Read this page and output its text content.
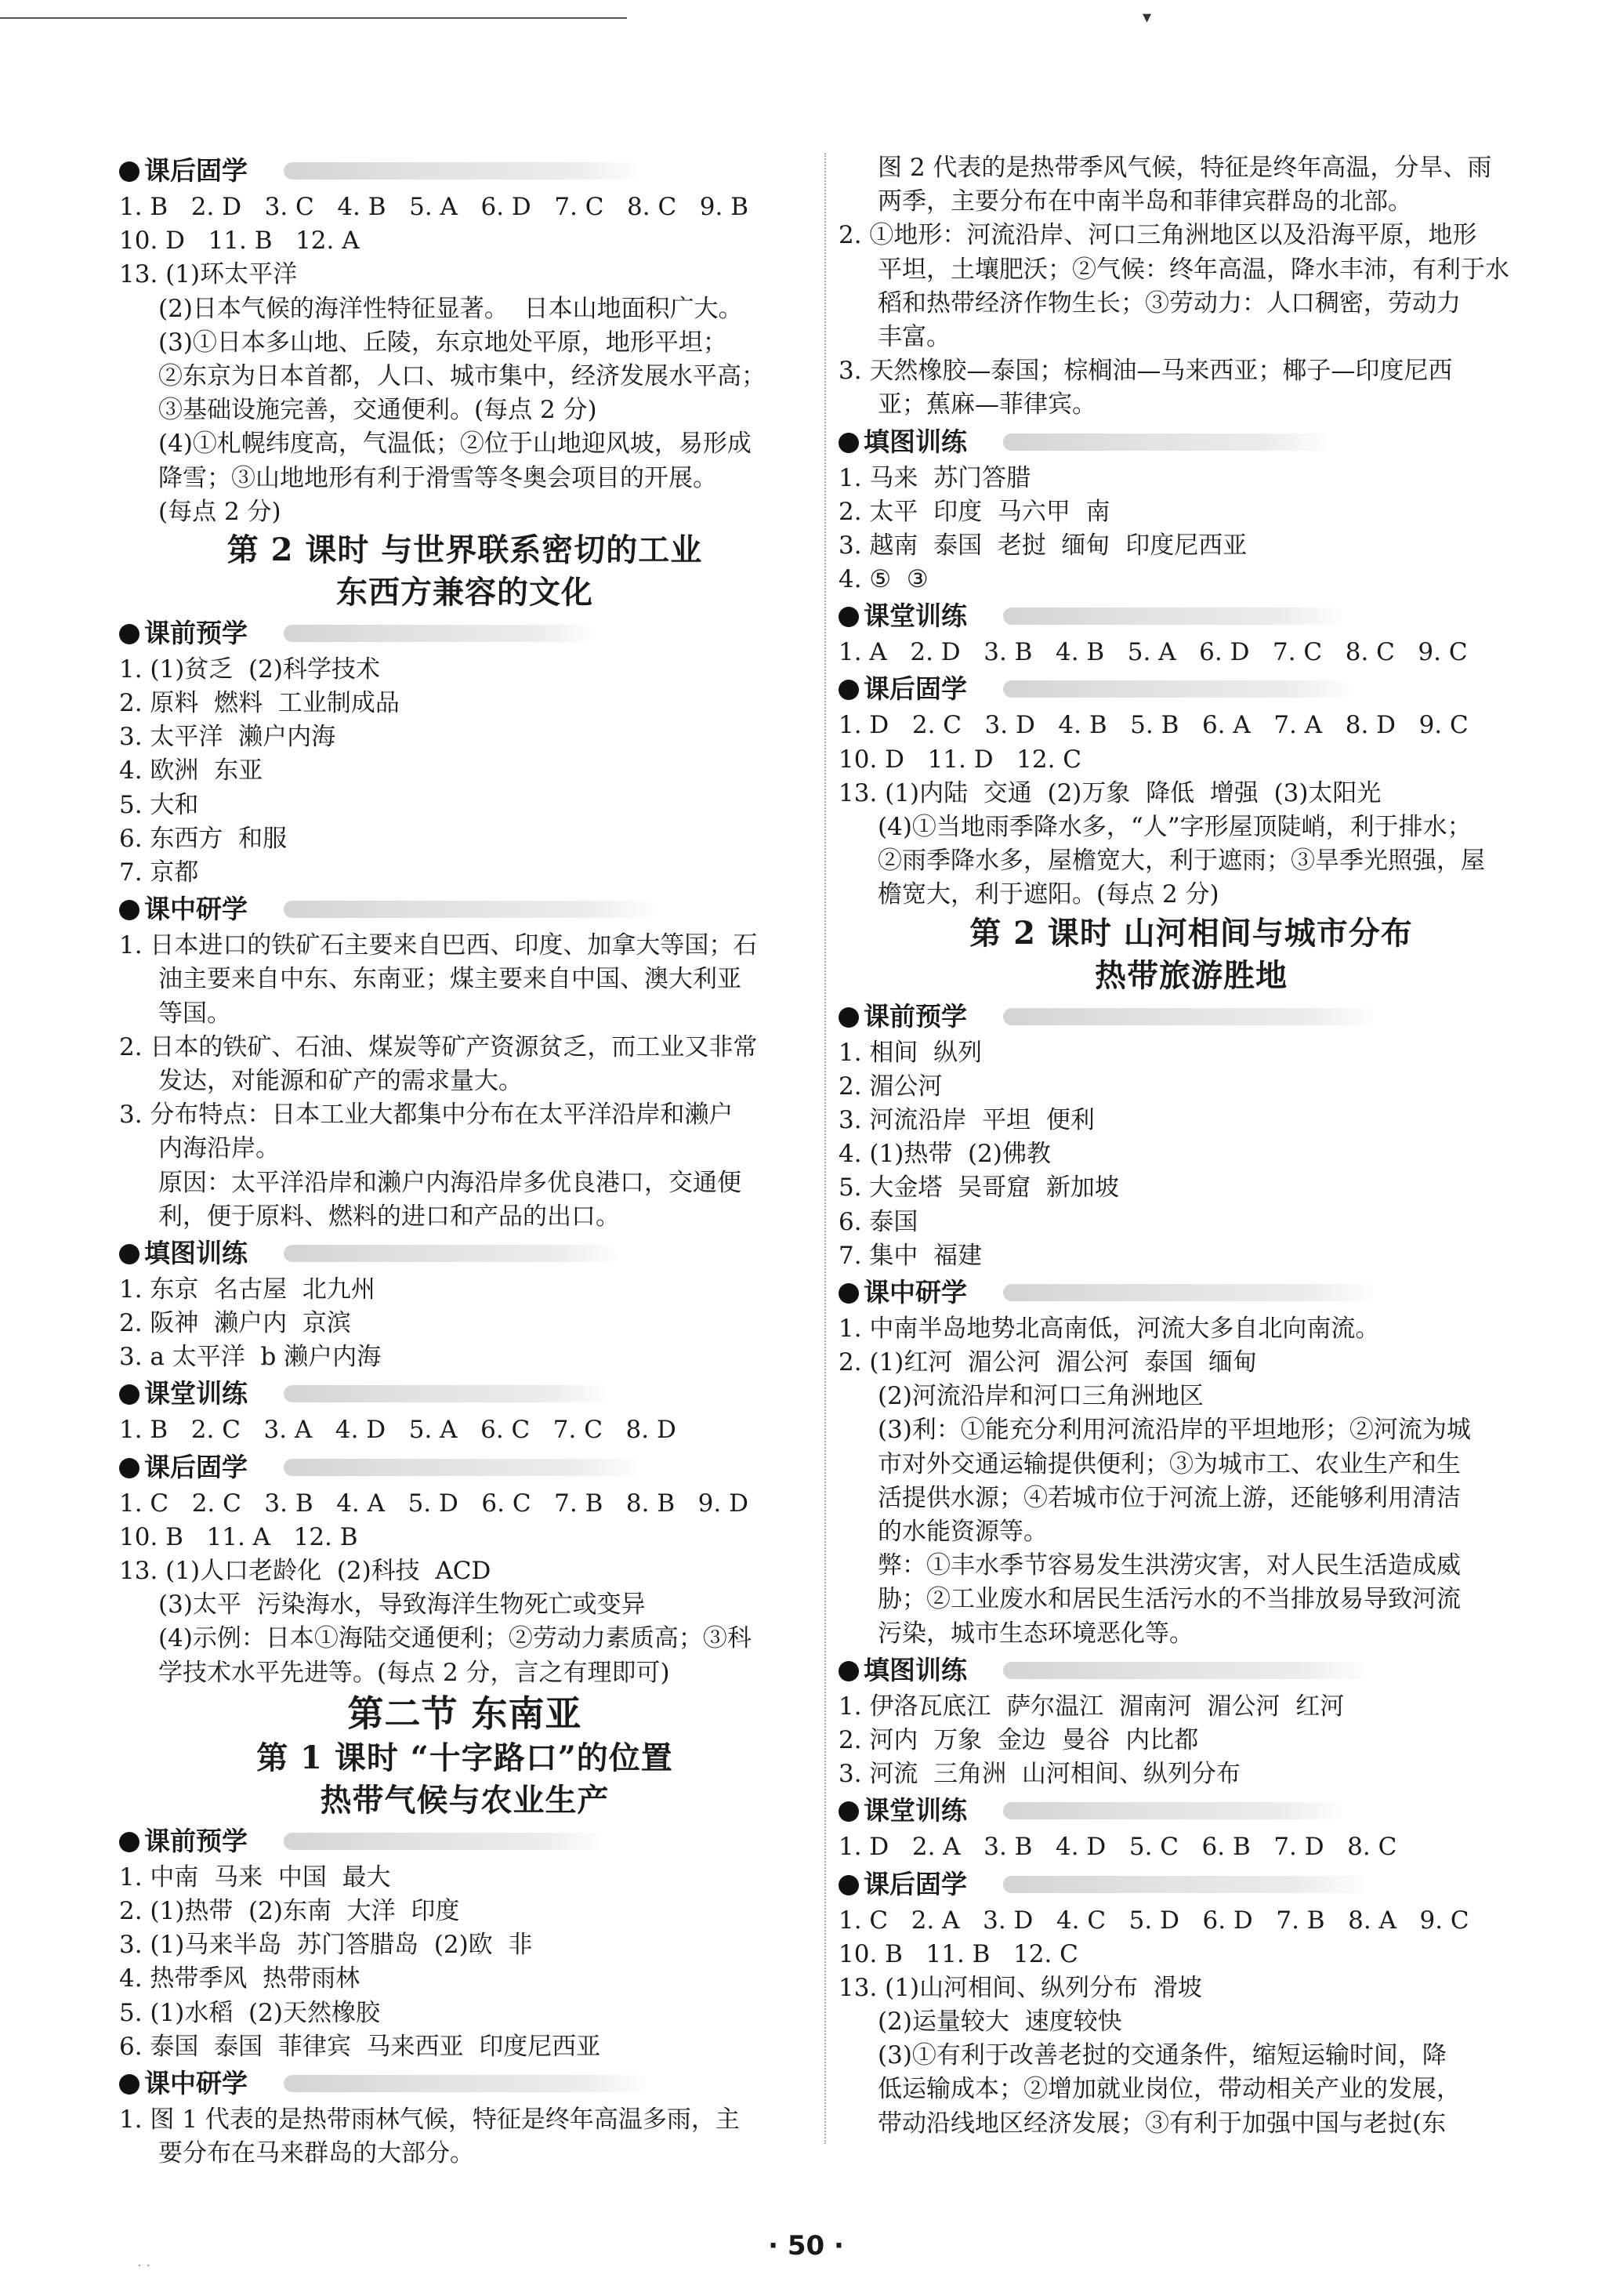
▾
课后固学
1. B   2. D   3. C   4. B   5. A   6. D   7. C   8. C   9. B
10. D   11. B   12. A
13. (1)环太平洋
(2)日本气候的海洋性特征显著。  日本山地面积广大。
(3)①日本多山地、丘陵，东京地处平原，地形平坦；
②东京为日本首都，人口、城市集中，经济发展水平高；
③基础设施完善，交通便利。(每点 2 分)
(4)①札幌纬度高，气温低；②位于山地迎风坡，易形成
降雪；③山地地形有利于滑雪等冬奥会项目的开展。
(每点 2 分)
第 2 课时 与世界联系密切的工业
东西方兼容的文化
课前预学
1. (1)贫乏  (2)科学技术
2. 原料  燃料  工业制成品
3. 太平洋  濑户内海
4. 欧洲  东亚
5. 大和
6. 东西方  和服
7. 京都
课中研学
1. 日本进口的铁矿石主要来自巴西、印度、加拿大等国；石
油主要来自中东、东南亚；煤主要来自中国、澳大利亚
等国。
2. 日本的铁矿、石油、煤炭等矿产资源贫乏，而工业又非常
发达，对能源和矿产的需求量大。
3. 分布特点：日本工业大都集中分布在太平洋沿岸和濑户
内海沿岸。
原因：太平洋沿岸和濑户内海沿岸多优良港口，交通便
利，便于原料、燃料的进口和产品的出口。
填图训练
1. 东京  名古屋  北九州
2. 阪神  濑户内  京滨
3. a 太平洋  b 濑户内海
课堂训练
1. B   2. C   3. A   4. D   5. A   6. C   7. C   8. D
课后固学
1. C   2. C   3. B   4. A   5. D   6. C   7. B   8. B   9. D
10. B   11. A   12. B
13. (1)人口老龄化  (2)科技  ACD
(3)太平  污染海水，导致海洋生物死亡或变异
(4)示例：日本①海陆交通便利；②劳动力素质高；③科
学技术水平先进等。(每点 2 分，言之有理即可)
第二节 东南亚
第 1 课时 “十字路口”的位置
热带气候与农业生产
课前预学
1. 中南  马来  中国  最大
2. (1)热带  (2)东南  大洋  印度
3. (1)马来半岛  苏门答腊岛  (2)欧  非
4. 热带季风  热带雨林
5. (1)水稻  (2)天然橡胶
6. 泰国  泰国  菲律宾  马来西亚  印度尼西亚
课中研学
1. 图 1 代表的是热带雨林气候，特征是终年高温多雨，主
要分布在马来群岛的大部分。
图 2 代表的是热带季风气候，特征是终年高温，分旱、雨
两季，主要分布在中南半岛和菲律宾群岛的北部。
2. ①地形：河流沿岸、河口三角洲地区以及沿海平原，地形
平坦，土壤肥沃；②气候：终年高温，降水丰沛，有利于水
稻和热带经济作物生长；③劳动力：人口稠密，劳动力
丰富。
3. 天然橡胶—泰国；棕榈油—马来西亚；椰子—印度尼西
亚；蕉麻—菲律宾。
填图训练
1. 马来  苏门答腊
2. 太平  印度  马六甲  南
3. 越南  泰国  老挝  缅甸  印度尼西亚
4. ⑤  ③
课堂训练
1. A   2. D   3. B   4. B   5. A   6. D   7. C   8. C   9. C
课后固学
1. D   2. C   3. D   4. B   5. B   6. A   7. A   8. D   9. C
10. D   11. D   12. C
13. (1)内陆  交通  (2)万象  降低  增强  (3)太阳光
(4)①当地雨季降水多，“人”字形屋顶陡峭，利于排水；
②雨季降水多，屋檐宽大，利于遮雨；③旱季光照强，屋
檐宽大，利于遮阳。(每点 2 分)
第 2 课时 山河相间与城市分布
热带旅游胜地
课前预学
1. 相间  纵列
2. 湄公河
3. 河流沿岸  平坦  便利
4. (1)热带  (2)佛教
5. 大金塔  吴哥窟  新加坡
6. 泰国
7. 集中  福建
课中研学
1. 中南半岛地势北高南低，河流大多自北向南流。
2. (1)红河  湄公河  湄公河  泰国  缅甸
(2)河流沿岸和河口三角洲地区
(3)利：①能充分利用河流沿岸的平坦地形；②河流为城
市对外交通运输提供便利；③为城市工、农业生产和生
活提供水源；④若城市位于河流上游，还能够利用清洁
的水能资源等。
弊：①丰水季节容易发生洪涝灾害，对人民生活造成威
胁；②工业废水和居民生活污水的不当排放易导致河流
污染，城市生态环境恶化等。
填图训练
1. 伊洛瓦底江  萨尔温江  湄南河  湄公河  红河
2. 河内  万象  金边  曼谷  内比都
3. 河流  三角洲  山河相间、纵列分布
课堂训练
1. D   2. A   3. B   4. D   5. C   6. B   7. D   8. C
课后固学
1. C   2. A   3. D   4. C   5. D   6. D   7. B   8. A   9. C
10. B   11. B   12. C
13. (1)山河相间、纵列分布  滑坡
(2)运量较大  速度较快
(3)①有利于改善老挝的交通条件，缩短运输时间，降
低运输成本；②增加就业岗位，带动相关产业的发展，
带动沿线地区经济发展；③有利于加强中国与老挝(东
· 50 ·
· ·
